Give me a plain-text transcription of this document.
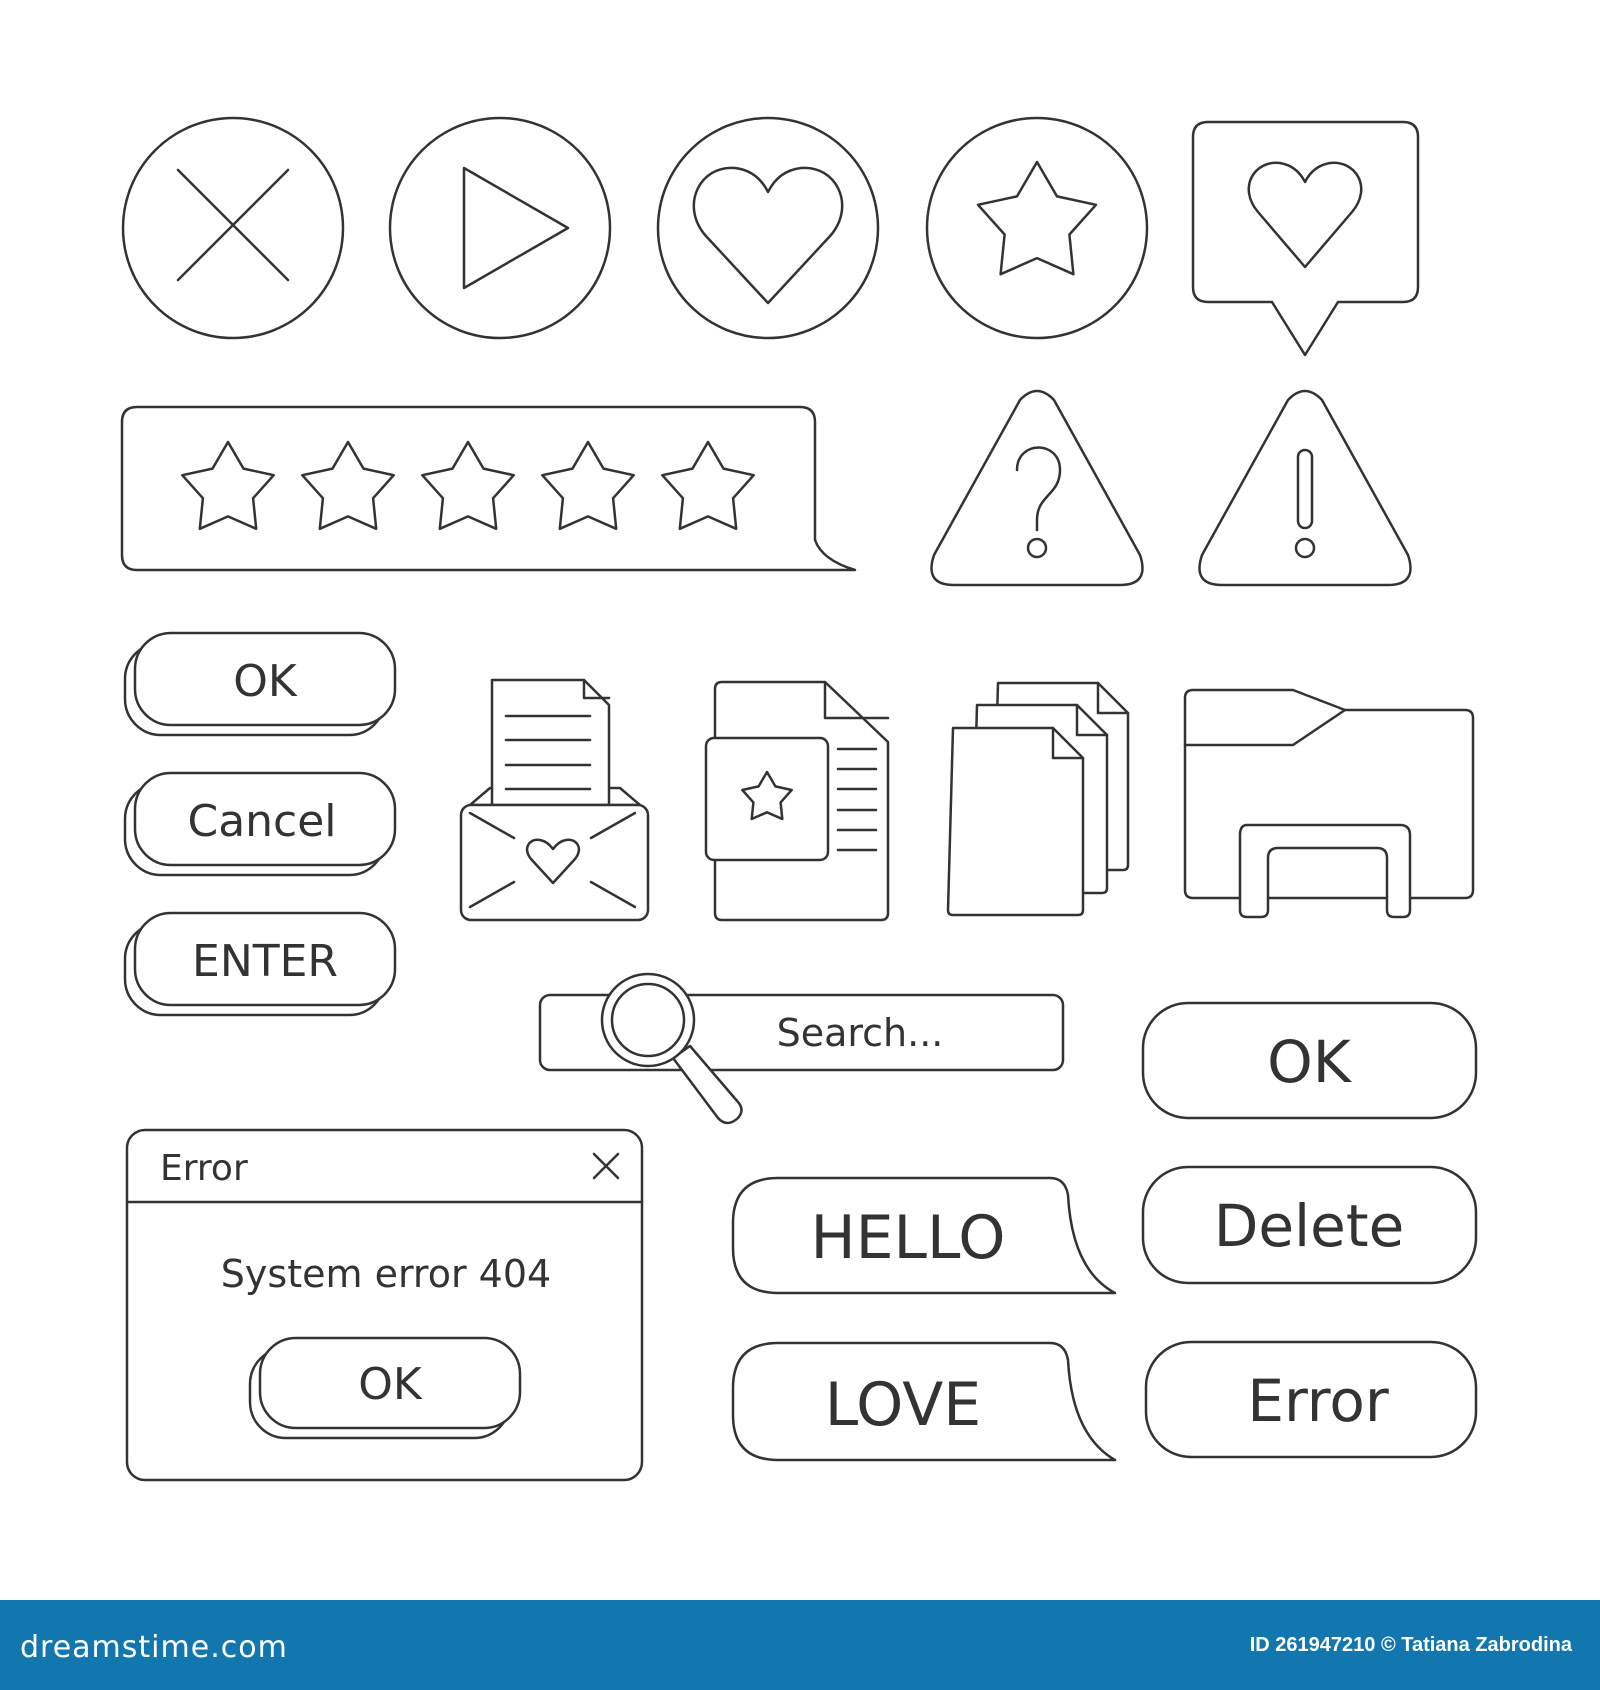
OK
Cancel
ENTER
Search...	OK
Delete
Error
Error
System error 404
OK
HELLO
LOVE
dreamstime.com	ID 261947210 © Tatiana Zabrodina
